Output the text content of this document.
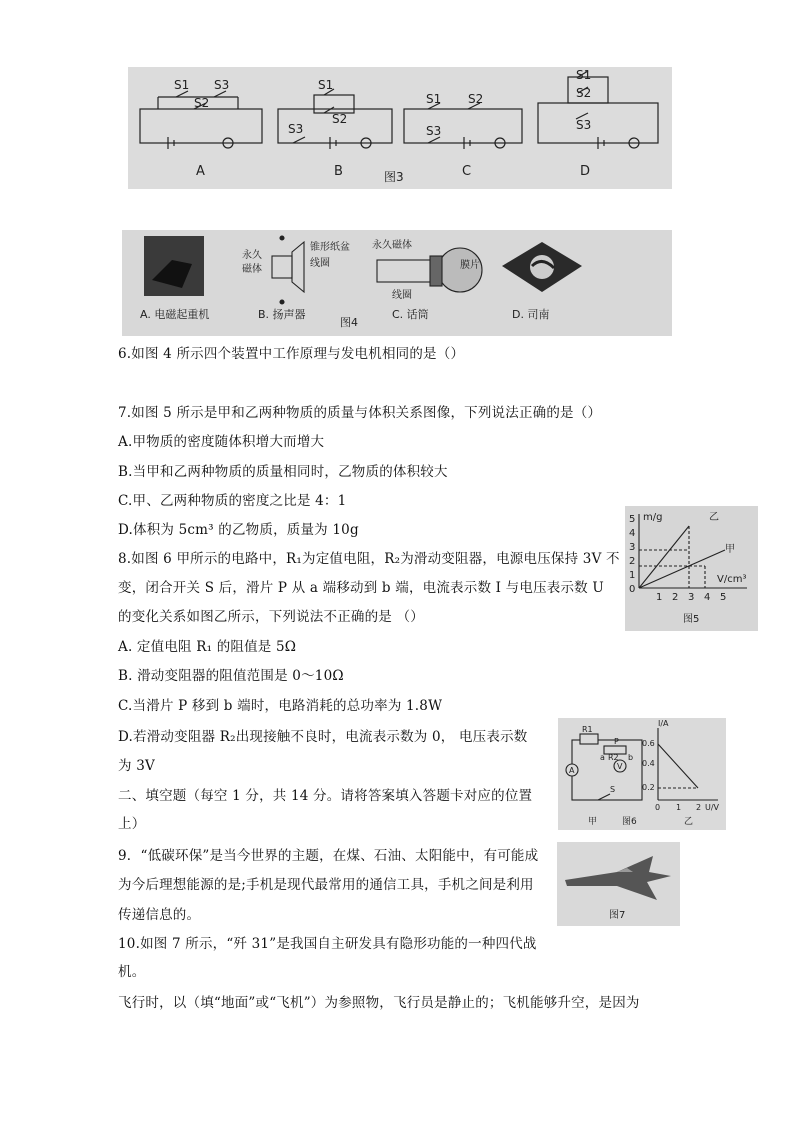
S1 S3
S2
A
S1
S2
S3
B
S1 S2
S3
C
S1
S2
S3
D
图3
永久
磁体
锥形纸盆
线圈
永久磁体
膜片
线圈
A. 电磁起重机	B. 扬声器
图4
C. 话筒	D. 司南
6.如图 4 所示四个装置中工作原理与发电机相同的是（）
7.如图 5 所示是甲和乙两种物质的质量与体积关系图像，下列说法正确的是（）
A.甲物质的密度随体积增大而增大
B.当甲和乙两种物质的质量相同时，乙物质的体积较大
C.甲、乙两种物质的密度之比是 4：1
D.体积为 5cm³ 的乙物质，质量为 10g
8.如图 6 甲所示的电路中，R₁为定值电阻，R₂为滑动变阻器，电源电压保持 3V 不
变，闭合开关 S 后，滑片 P 从 a 端移动到 b 端，电流表示数 I 与电压表示数 U
的变化关系如图乙所示，下列说法不正确的是 （）
A. 定值电阻 R₁ 的阻值是 5Ω
B. 滑动变阻器的阻值范围是 0～10Ω
C.当滑片 P 移到 b 端时，电路消耗的总功率为 1.8W
D.若滑动变阻器 R₂出现接触不良时，电流表示数为 0， 电压表示数
为 3V
二、填空题（每空 1 分，共 14 分。请将答案填入答题卡对应的位置
上）
9．“低碳环保”是当今世界的主题，在煤、石油、太阳能中，有可能成
为今后理想能源的是;手机是现代最常用的通信工具，手机之间是利用
传递信息的。
10.如图 7 所示，“歼 31”是我国自主研发具有隐形功能的一种四代战
机。
飞行时，以（填“地面”或“飞机”）为参照物，飞行员是静止的；飞机能够升空，是因为
m/g	乙
甲
V/cm³
0
1 2 3 4 5
1
2
3
4
5
图5
R1
a R2 b
P
A	V
S
I/A
0.6
0.4
0.2
0 1 2 U/V
甲	图6	乙
图7
